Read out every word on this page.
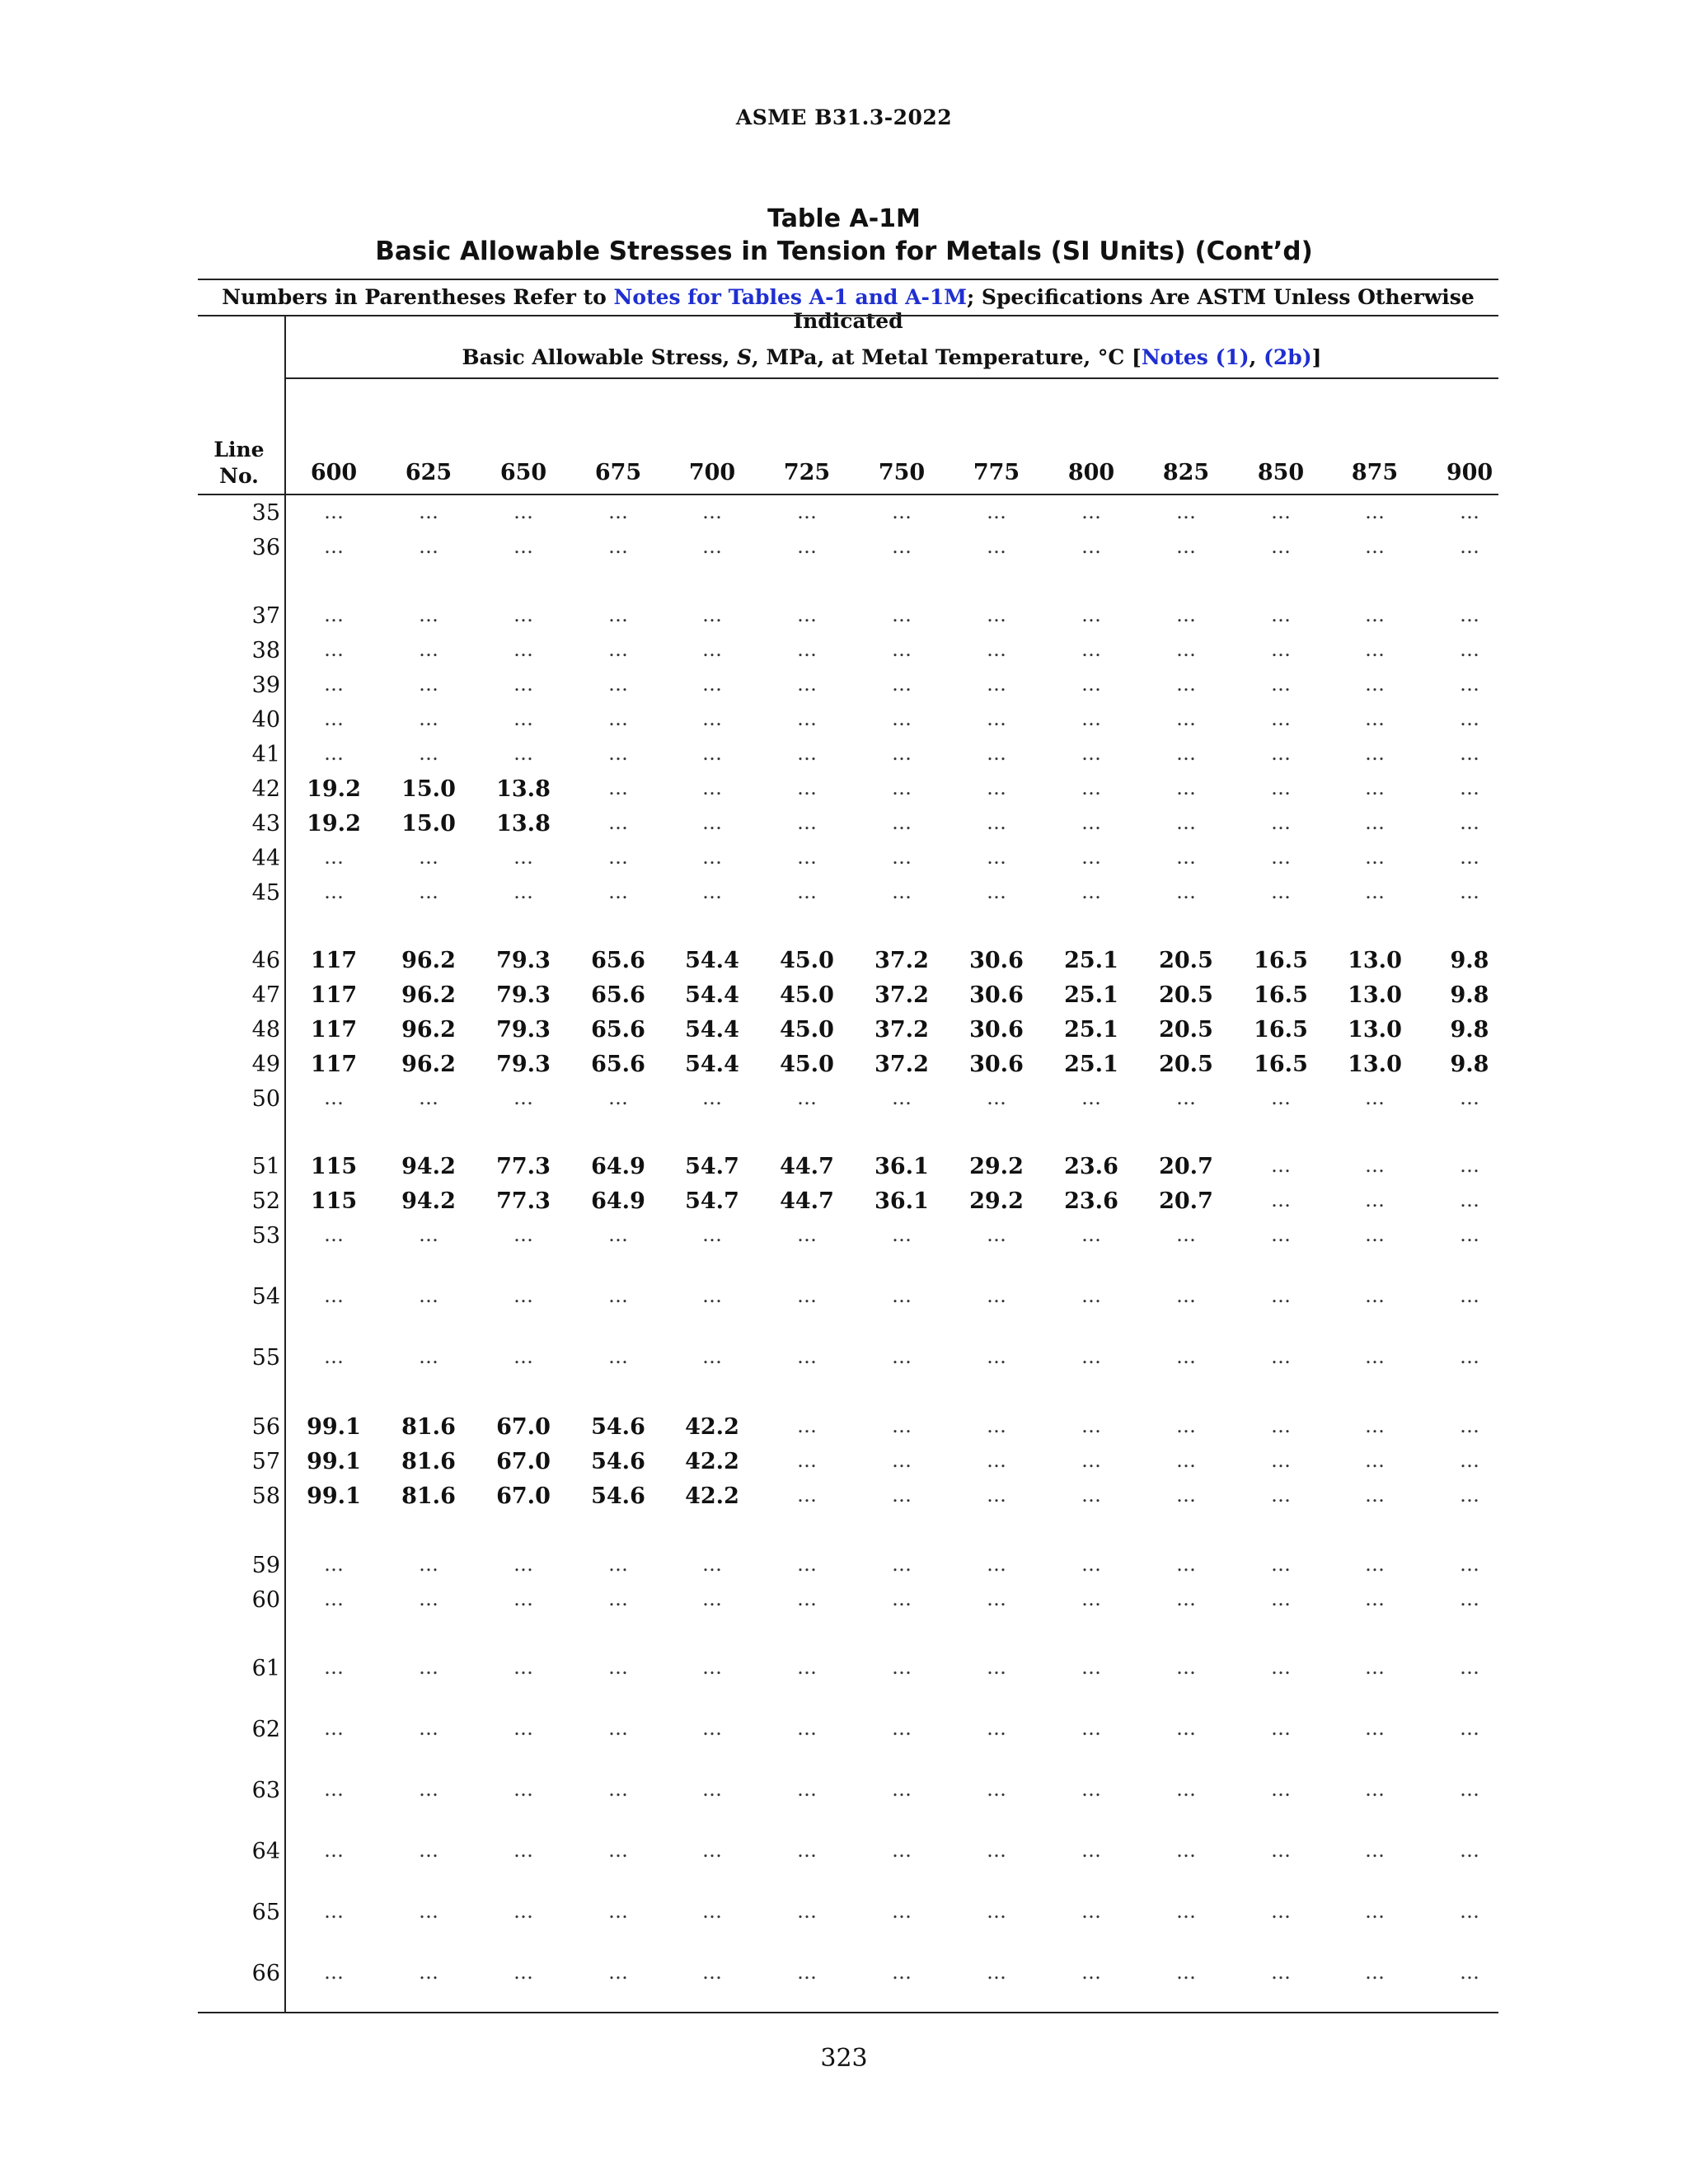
ASME B31.3-2022
Table A-1M
Basic Allowable Stresses in Tension for Metals (SI Units) (Cont’d)
Numbers in Parentheses Refer to Notes for Tables A-1 and A-1M; Specifications Are ASTM Unless Otherwise Indicated
Basic Allowable Stress, S, MPa, at Metal Temperature, °C [Notes (1), (2b)]
Line
No.	600	625	650	675	700	725	750	775	800	825	850	875	900
35	…	…	…	…	…	…	…	…	…	…	…	…	…
36	…	…	…	…	…	…	…	…	…	…	…	…	…
37	…	…	…	…	…	…	…	…	…	…	…	…	…
38	…	…	…	…	…	…	…	…	…	…	…	…	…
39	…	…	…	…	…	…	…	…	…	…	…	…	…
40	…	…	…	…	…	…	…	…	…	…	…	…	…
41	…	…	…	…	…	…	…	…	…	…	…	…	…
42	19.2	15.0	13.8	…	…	…	…	…	…	…	…	…	…
43	19.2	15.0	13.8	…	…	…	…	…	…	…	…	…	…
44	…	…	…	…	…	…	…	…	…	…	…	…	…
45	…	…	…	…	…	…	…	…	…	…	…	…	…
46	117	96.2	79.3	65.6	54.4	45.0	37.2	30.6	25.1	20.5	16.5	13.0	9.8
47	117	96.2	79.3	65.6	54.4	45.0	37.2	30.6	25.1	20.5	16.5	13.0	9.8
48	117	96.2	79.3	65.6	54.4	45.0	37.2	30.6	25.1	20.5	16.5	13.0	9.8
49	117	96.2	79.3	65.6	54.4	45.0	37.2	30.6	25.1	20.5	16.5	13.0	9.8
50	…	…	…	…	…	…	…	…	…	…	…	…	…
51	115	94.2	77.3	64.9	54.7	44.7	36.1	29.2	23.6	20.7	…	…	…
52	115	94.2	77.3	64.9	54.7	44.7	36.1	29.2	23.6	20.7	…	…	…
53	…	…	…	…	…	…	…	…	…	…	…	…	…
54	…	…	…	…	…	…	…	…	…	…	…	…	…
55	…	…	…	…	…	…	…	…	…	…	…	…	…
56	99.1	81.6	67.0	54.6	42.2	…	…	…	…	…	…	…	…
57	99.1	81.6	67.0	54.6	42.2	…	…	…	…	…	…	…	…
58	99.1	81.6	67.0	54.6	42.2	…	…	…	…	…	…	…	…
59	…	…	…	…	…	…	…	…	…	…	…	…	…
60	…	…	…	…	…	…	…	…	…	…	…	…	…
61	…	…	…	…	…	…	…	…	…	…	…	…	…
62	…	…	…	…	…	…	…	…	…	…	…	…	…
63	…	…	…	…	…	…	…	…	…	…	…	…	…
64	…	…	…	…	…	…	…	…	…	…	…	…	…
65	…	…	…	…	…	…	…	…	…	…	…	…	…
66	…	…	…	…	…	…	…	…	…	…	…	…	…
323
